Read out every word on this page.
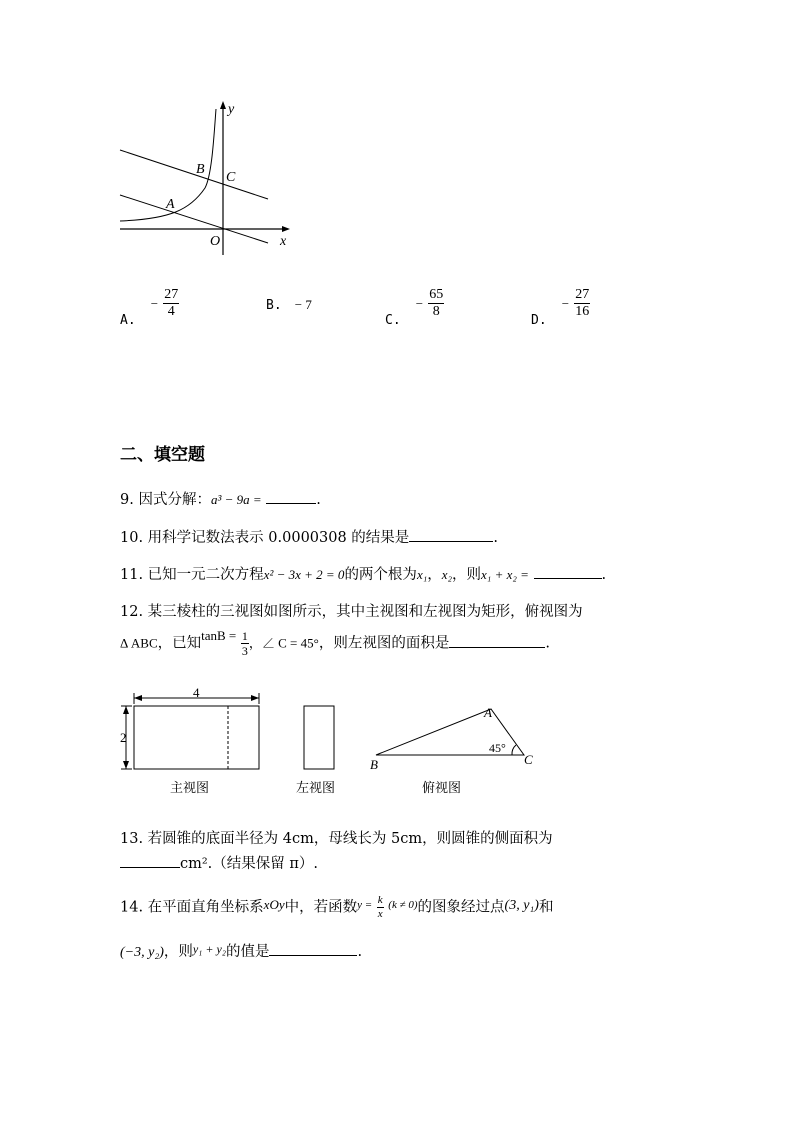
y
x
O
A
B
C
$_{A.} - \frac{27}{4}$	B. − 7
$_{C.} - \frac{65}{8}$
$_{D.} - \frac{27}{16}$
二、填空题
9. 因式分解：a³ − 9a =	.
10. 用科学记数法表示 0.0000308 的结果是	.
11. 已知一元二次方程x² − 3x + 2 = 0的两个根为x₁，x₂，则x₁ + x₂ =	.
12. 某三棱柱的三视图如图所示，其中主视图和左视图为矩形，俯视图为
Δ ABC，已知$\tan B = \frac{1}{3}$ ，∠ C = 45°，则左视图的面积是	.
4
2
45°
A
B	C
主视图	左视图	俯视图
13. 若圆锥的底面半径为 4cm，母线长为 5cm，则圆锥的侧面积为
cm².（结果保留 π）.
14. 在平面直角坐标系xOy中，若函数$^{y =} \frac{k}{x} ^{(k \ne 0)}$的图象经过点(3, y₁)和
(−3, y₂)，则$^{y_1 + y_2}$的值是	.
